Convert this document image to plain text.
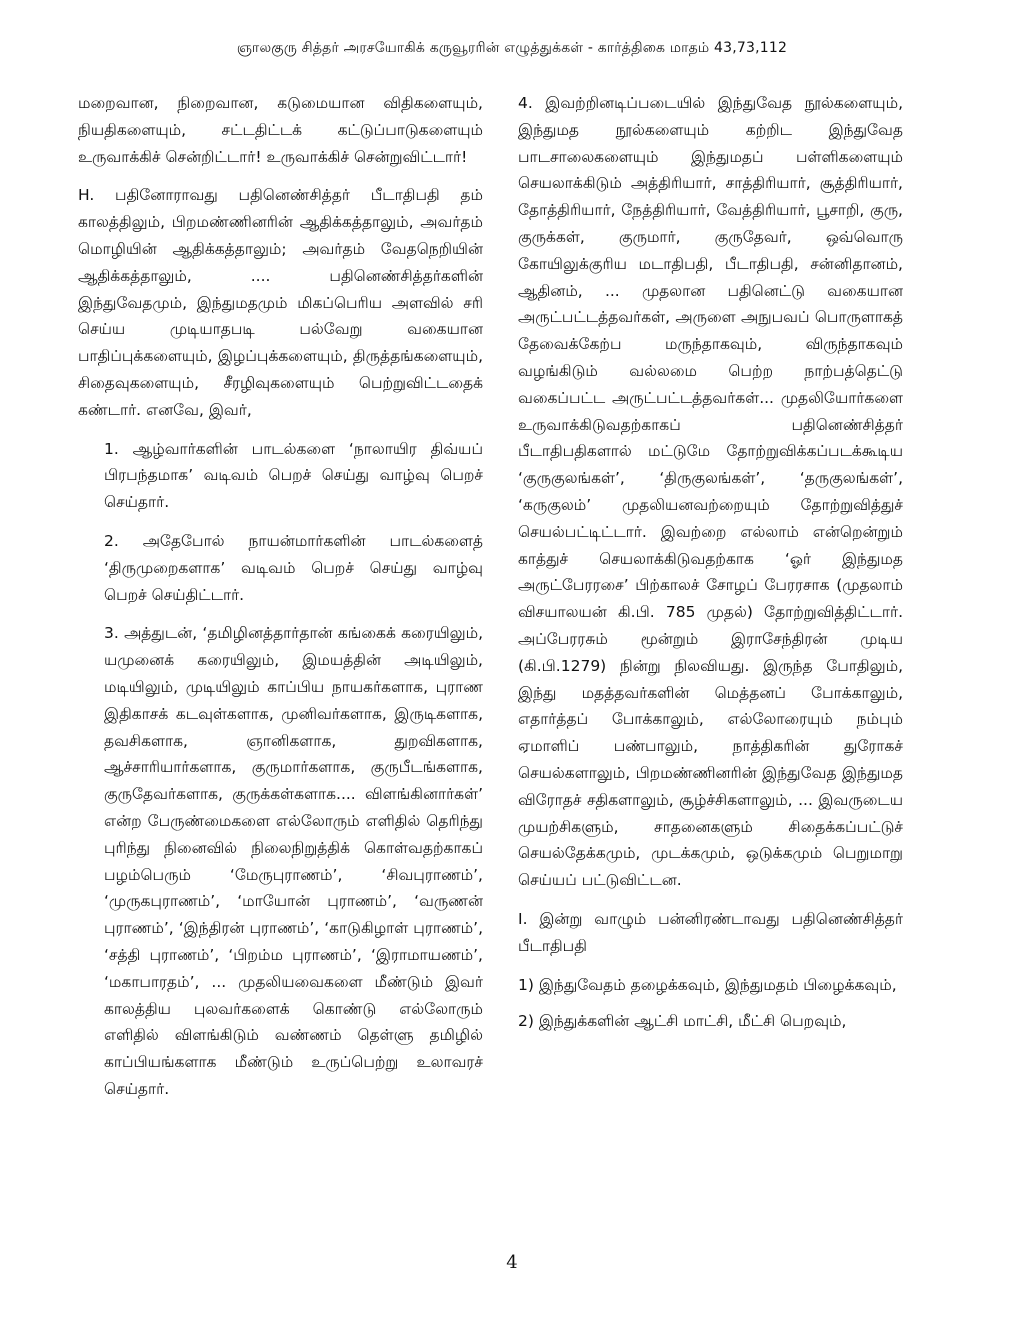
ஞாலகுரு சித்தர் அரசயோகிக் கருவூரரின் எழுத்துக்கள் - கார்த்திகை மாதம் 43,73,112

மறைவான, நிறைவான, கடுமையான விதிகளையும், நியதிகளையும், சட்டதிட்டக் கட்டுப்பாடுகளையும் உருவாக்கிச் சென்றிட்டார்! உருவாக்கிச் சென்றுவிட்டார்!

H. பதினோராவது பதினெண்சித்தர் பீடாதிபதி தம் காலத்திலும், பிறமண்ணினரின் ஆதிக்கத்தாலும், அவர்தம் மொழியின் ஆதிக்கத்தாலும்; அவர்தம் வேதநெறியின் ஆதிக்கத்தாலும், .... பதினெண்சித்தர்களின் இந்துவேதமும், இந்துமதமும் மிகப்பெரிய அளவில் சரி செய்ய முடியாதபடி பல்வேறு வகையான பாதிப்புக்களையும், இழப்புக்களையும், திருத்தங்களையும், சிதைவுகளையும், சீரழிவுகளையும் பெற்றுவிட்டதைக் கண்டார். எனவே, இவர்,

1. ஆழ்வார்களின் பாடல்களை ‘நாலாயிர திவ்யப் பிரபந்தமாக’ வடிவம் பெறச் செய்து வாழ்வு பெறச் செய்தார்.

2. அதேபோல் நாயன்மார்களின் பாடல்களைத் ‘திருமுறைகளாக’ வடிவம் பெறச் செய்து வாழ்வு பெறச் செய்திட்டார்.

3. அத்துடன், ‘தமிழினத்தார்தான் கங்கைக் கரையிலும், யமுனைக் கரையிலும், இமயத்தின் அடியிலும், மடியிலும், முடியிலும் காப்பிய நாயகர்களாக, புராண இதிகாசக் கடவுள்களாக, முனிவர்களாக, இருடிகளாக, தவசிகளாக, ஞானிகளாக, துறவிகளாக, ஆச்சாரியார்களாக, குருமார்களாக, குருபீடங்களாக, குருதேவர்களாக, குருக்கள்களாக.... விளங்கினார்கள்’ என்ற பேருண்மைகளை எல்லோரும் எளிதில் தெரிந்து புரிந்து நினைவில் நிலைநிறுத்திக் கொள்வதற்காகப் பழம்பெரும் ‘மேருபுராணம்’, ‘சிவபுராணம்’, ‘முருகபுராணம்’, ‘மாயோன் புராணம்’, ‘வருணன் புராணம்’, ‘இந்திரன் புராணம்’, ‘காடுகிழாள் புராணம்’, ‘சத்தி புராணம்’, ‘பிறம்ம புராணம்’, ‘இராமாயணம்’, ‘மகாபாரதம்’, ... முதலியவைகளை மீண்டும் இவர் காலத்திய புலவர்களைக் கொண்டு எல்லோரும் எளிதில் விளங்கிடும் வண்ணம் தெள்ளு தமிழில் காப்பியங்களாக மீண்டும் உருப்பெற்று உலாவரச் செய்தார்.

4. இவற்றினடிப்படையில் இந்துவேத நூல்களையும், இந்துமத நூல்களையும் கற்றிட இந்துவேத பாடசாலைகளையும் இந்துமதப் பள்ளிகளையும் செயலாக்கிடும் அத்திரியார், சாத்திரியார், சூத்திரியார், தோத்திரியார், நேத்திரியார், வேத்திரியார், பூசாறி, குரு, குருக்கள், குருமார், குருதேவர், ஒவ்வொரு கோயிலுக்குரிய மடாதிபதி, பீடாதிபதி, சன்னிதானம், ஆதினம், ... முதலான பதினெட்டு வகையான அருட்பட்டத்தவர்கள், அருளை அநுபவப் பொருளாகத் தேவைக்கேற்ப மருந்தாகவும், விருந்தாகவும் வழங்கிடும் வல்லமை பெற்ற நாற்பத்தெட்டு வகைப்பட்ட அருட்பட்டத்தவர்கள்... முதலியோர்களை உருவாக்கிடுவதற்காகப் பதினெண்சித்தர் பீடாதிபதிகளால் மட்டுமே தோற்றுவிக்கப்படக்கூடிய ‘குருகுலங்கள்’, ‘திருகுலங்கள்’, ‘தருகுலங்கள்’, ‘கருகுலம்’ முதலியனவற்றையும் தோற்றுவித்துச் செயல்பட்டிட்டார். இவற்றை எல்லாம் என்றென்றும் காத்துச் செயலாக்கிடுவதற்காக ‘ஓர் இந்துமத அருட்பேரரசை’ பிற்காலச் சோழப் பேரரசாக (முதலாம் விசயாலயன் கி.பி. 785 முதல்) தோற்றுவித்திட்டார். அப்பேரரசும் மூன்றும் இராசேந்திரன் முடிய (கி.பி.1279) நின்று நிலவியது. இருந்த போதிலும், இந்து மதத்தவர்களின் மெத்தனப் போக்காலும், எதார்த்தப் போக்காலும், எல்லோரையும் நம்பும் ஏமாளிப் பண்பாலும், நாத்திகரின் துரோகச் செயல்களாலும், பிறமண்ணினரின் இந்துவேத இந்துமத விரோதச் சதிகளாலும், சூழ்ச்சிகளாலும், ... இவருடைய முயற்சிகளும், சாதனைகளும் சிதைக்கப்பட்டுச் செயல்தேக்கமும், முடக்கமும், ஒடுக்கமும் பெறுமாறு செய்யப் பட்டுவிட்டன.

I. இன்று வாழும் பன்னிரண்டாவது பதினெண்சித்தர் பீடாதிபதி

1) இந்துவேதம் தழைக்கவும், இந்துமதம் பிழைக்கவும்,

2) இந்துக்களின் ஆட்சி மாட்சி, மீட்சி பெறவும்,

4
